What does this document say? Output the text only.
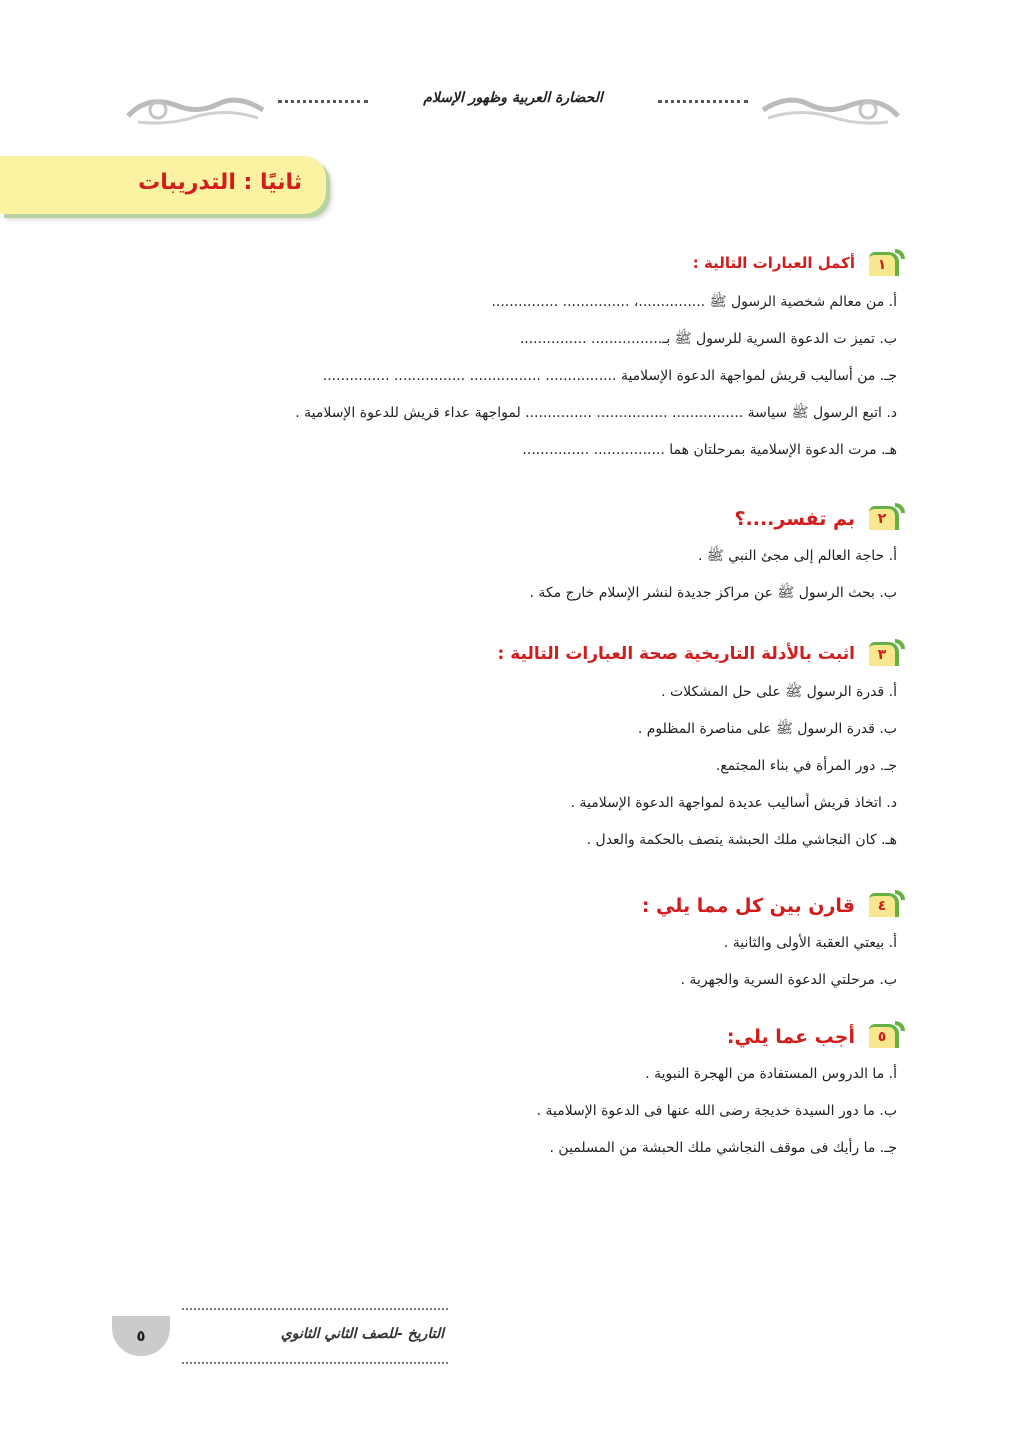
الحضارة العربية وظهور الإسلام
ثانيًا : التدريبات
١
أكمل العبارات التالية :
أ. من معالم شخصية الرسول ﷺ ...............، ............... ...............
ب. تميز ت الدعوة السرية للرسول ﷺ بـ................ ...............
جـ. من أساليب قريش لمواجهة الدعوة الإسلامية ................ ................ ................ ...............
د. اتبع الرسول ﷺ سياسة ................ ................ ............... لمواجهة عداء قريش للدعوة الإسلامية .
هـ. مرت الدعوة الإسلامية بمرحلتان هما ................ ...............
٢
بم تفسر....؟
أ. حاجة العالم إلى مجئ النبي ﷺ .
ب. بحث الرسول ﷺ عن مراكز جديدة لنشر الإسلام خارج مكة .
٣
اثبت بالأدلة التاريخية صحة العبارات التالية :
أ. قدرة الرسول ﷺ على حل المشكلات .
ب. قدرة الرسول ﷺ على مناصرة المظلوم .
جـ. دور المرأة في بناء المجتمع.
د. اتخاذ قريش أساليب عديدة لمواجهة الدعوة الإسلامية .
هـ. كان النجاشي ملك الحبشة يتصف بالحكمة والعدل .
٤
قارن بين كل مما يلي :
أ. بيعتي العقبة الأولى والثانية .
ب. مرحلتي الدعوة السرية والجهرية .
٥
أجب عما يلي:
أ. ما الدروس المستفادة من الهجرة النبوية .
ب. ما دور السيدة خديجة رضى الله عنها فى الدعوة الإسلامية .
جـ. ما رأيك فى موقف النجاشي ملك الحبشة من المسلمين .
٥	التاريخ -للصف الثاني الثانوي
